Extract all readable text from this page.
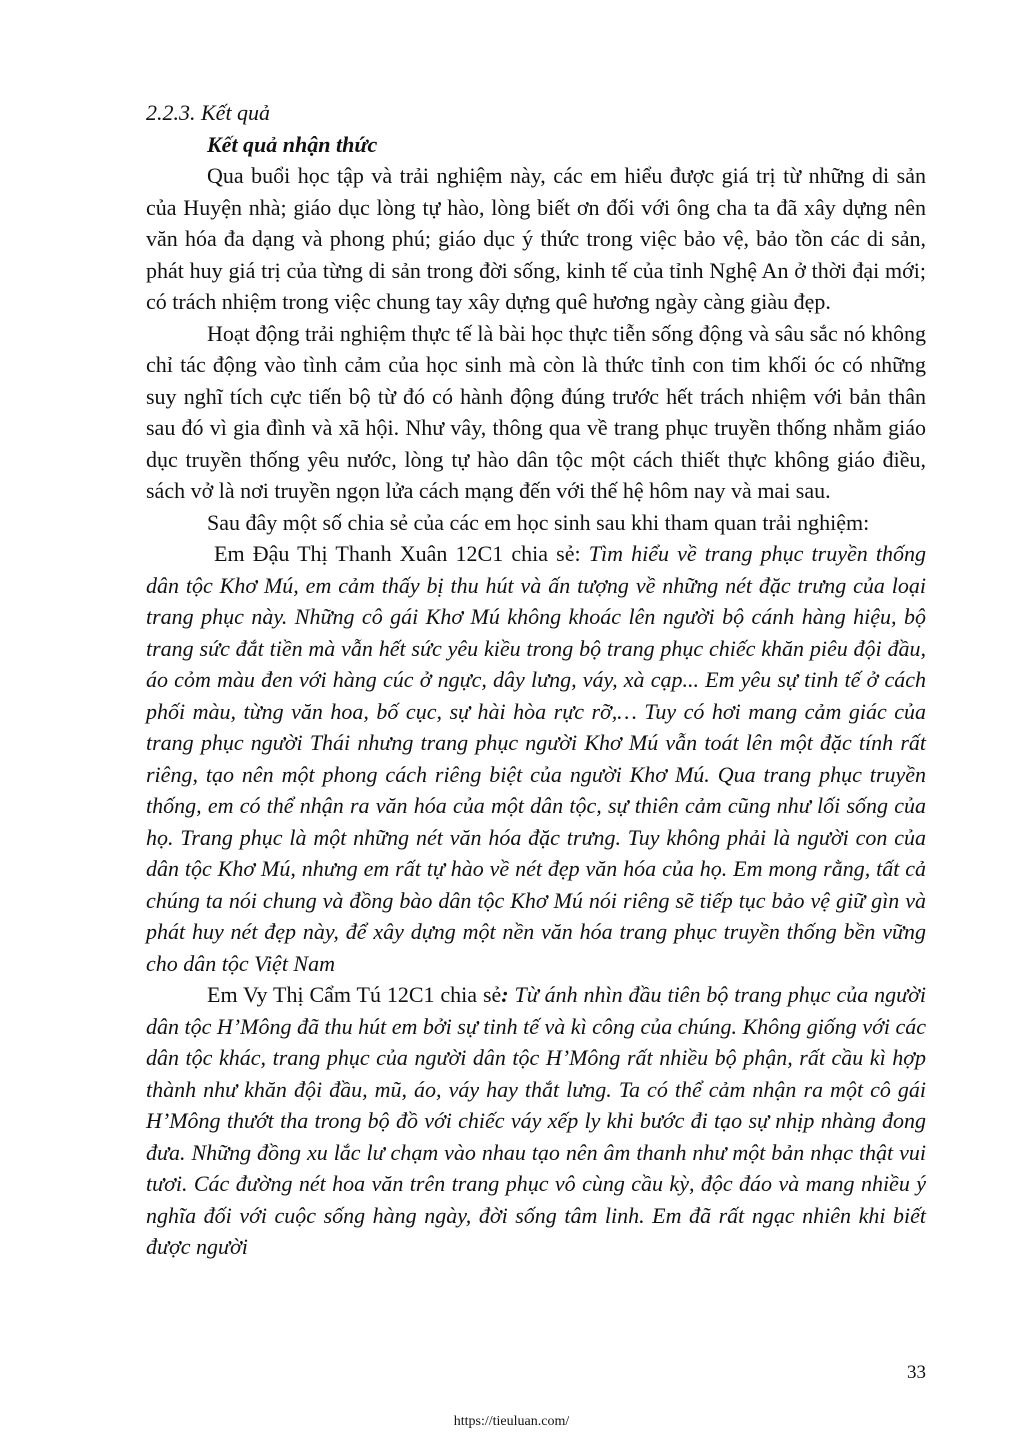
2.2.3. Kết quả

Kết quả nhận thức

Qua buổi học tập và trải nghiệm này, các em hiểu được giá trị từ những di sản của Huyện nhà; giáo dục lòng tự hào, lòng biết ơn đối với ông cha ta đã xây dựng nên văn hóa đa dạng và phong phú; giáo dục ý thức trong việc bảo vệ, bảo tồn các di sản, phát huy giá trị của từng di sản trong đời sống, kinh tế của tỉnh Nghệ An ở thời đại mới; có trách nhiệm trong việc chung tay xây dựng quê hương ngày càng giàu đẹp.

Hoạt động trải nghiệm thực tế là bài học thực tiễn sống động và sâu sắc nó không chỉ tác động vào tình cảm của học sinh mà còn là thức tỉnh con tim khối óc có những suy nghĩ tích cực tiến bộ từ đó có hành động đúng trước hết trách nhiệm với bản thân sau đó vì gia đình và xã hội. Như vây, thông qua về trang phục truyền thống nhằm giáo dục truyền thống yêu nước, lòng tự hào dân tộc một cách thiết thực không giáo điều, sách vở là nơi truyền ngọn lửa cách mạng đến với thế hệ hôm nay và mai sau.

Sau đây một số chia sẻ của các em học sinh sau khi tham quan trải nghiệm:

Em Đậu Thị Thanh Xuân 12C1 chia sẻ: Tìm hiểu về trang phục truyền thống dân tộc Khơ Mú, em cảm thấy bị thu hút và ấn tượng về những nét đặc trưng của loại trang phục này. Những cô gái Khơ Mú không khoác lên người bộ cánh hàng hiệu, bộ trang sức đắt tiền mà vẫn hết sức yêu kiều trong bộ trang phục chiếc khăn piêu đội đầu, áo cỏm màu đen với hàng cúc ở ngực, dây lưng, váy, xà cạp... Em yêu sự tinh tế ở cách phối màu, từng văn hoa, bố cục, sự hài hòa rực rỡ,… Tuy có hơi mang cảm giác của trang phục người Thái nhưng trang phục người Khơ Mú vẫn toát lên một đặc tính rất riêng, tạo nên một phong cách riêng biệt của người Khơ Mú. Qua trang phục truyền thống, em có thể nhận ra văn hóa của một dân tộc, sự thiên cảm cũng như lối sống của họ. Trang phục là một những nét văn hóa đặc trưng. Tuy không phải là người con của dân tộc Khơ Mú, nhưng em rất tự hào về nét đẹp văn hóa của họ. Em mong rằng, tất cả chúng ta nói chung và đồng bào dân tộc Khơ Mú nói riêng sẽ tiếp tục bảo vệ giữ gìn và phát huy nét đẹp này, để xây dựng một nền văn hóa trang phục truyền thống bền vững cho dân tộc Việt Nam

Em Vy Thị Cẩm Tú 12C1 chia sẻ: Từ ánh nhìn đầu tiên bộ trang phục của người dân tộc H’Mông đã thu hút em bởi sự tinh tế và kì công của chúng. Không giống với các dân tộc khác, trang phục của người dân tộc H’Mông rất nhiều bộ phận, rất cầu kì hợp thành như khăn đội đầu, mũ, áo, váy hay thắt lưng. Ta có thể cảm nhận ra một cô gái H’Mông thướt tha trong bộ đồ với chiếc váy xếp ly khi bước đi tạo sự nhịp nhàng đong đưa. Những đồng xu lắc lư chạm vào nhau tạo nên âm thanh như một bản nhạc thật vui tươi. Các đường nét hoa văn trên trang phục vô cùng cầu kỳ, độc đáo và mang nhiều ý nghĩa đối với cuộc sống hàng ngày, đời sống tâm linh. Em đã rất ngạc nhiên khi biết được người

33
https://tieuluan.com/
